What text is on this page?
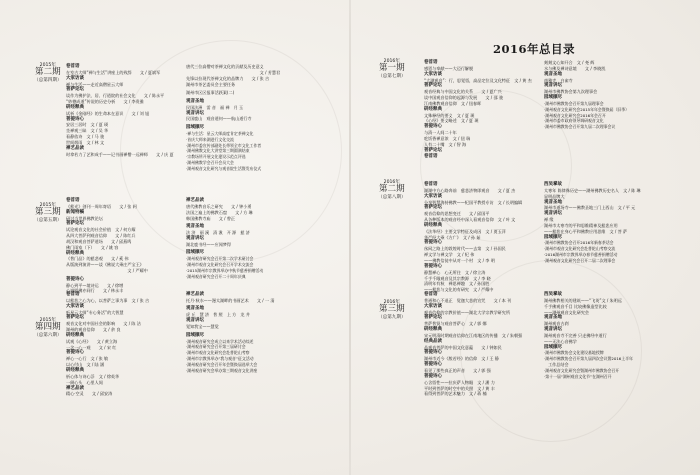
2016年总目录
2015年
第二期
（总第四期）
2015年
第三期
（总第五期）
2015年
第四期
（总第六期）
2016年
第一期
（总第七期）
2016年
第二期
（总第八期）
2016年
第三期
（总第九期）
卷首语
在室古大师“禅与生活”讲座上的致辞　　文 / 夏斌军
大家访谈
禅与生活——走近高僧星云大师
菩萨论坛
谈作为佛护法、居、行道院的社会文化　　文 / 陈永平
“妙德成道”传说的历史分析　　文 / 李贵雅
研经释典
试析《金刚经》的生命本在意识　　文 / 刘 旭
菩提诗心
安居三居时　文 / 夏 瑛
坐禅观三昧　文 / 吴 华
看静依诗　文 / 马 骏
世间烟雨　文 / 林 文
禅艺品读
时拿若力了艺和成手——记书画禅僧一远禅师　　文 / 庆 夏
唐代三位高僧对茶禅文化的贡献及历史意义
　　　　　　　　　　　　　　　　　　文 / 芳慧君
先锋以拉现代茶禅文化的品牌力　　文 / 张 吉
湖州市茶艺委员会主要任务
湖州市区区报事活跃案(二)
观音圣地
民国法洲　雷 音　福 禅　月 玉
观音讲坛
民国鹿山　观音道何——航山道行寺
园域撷尽
·禅与生活：星云大师高度肯定茶禅文化
·首庆大师来湖进行文化交流
·湖州市委宣传部副处长带领全市文化工作者
·湖州佛教文化大讲堂第三期圆满结束
·宗教场所开展文化建设示范点评选
·湖州佛教学会召开会员大会
·湖州观音文化研究与观音院生活暨发布仪式
卷首语
《慈光》创刊一周年寄语　　文 / 张 轲
新闻特稿
研讨当世界佛教论坛
菩萨论坛
试论观音文化的社会价值　文 / 何方耀
从四大菩萨到观音信仰　　文 / 陈红兵
胡汉和观音菩萨道场　　文 / 邱燕鸣
佛门雨家（下）　　文 / 姚 容
研经释典
《普门品》的慈悲观　　文 / 奚 伟
从版演到演讲——谈《佛说大乘庄严宝王》
　　　　　　　　　　　　　　　文 / 严耀中
菩提诗心
静心到平—境诗运　　文 / 徐增
心诚愿佛亦同行　　文 / 林永丰
禅艺品读
唐代佛教音乐之研究　　文 / 钟小勇
法国之遍上的佛教石窟　　文 / 方 琳
韩国佛教寺庙　　文 / 曾正
观音圣地
法 济　丽 溪　清 湫　开 源　慈 济
观音讲坛
湖北鹿书经——应闻梦得
园域撷尽
·湖州观音研究会召开第二次学术研讨会
·湖州市观音文化研究会召开学术交流会
·2015湖州市宗教界举办中秋节慈善捐赠活动
·湖州观音研究会召开二十周年庆典
卷首语
以慈悲之心为心，以菩萨之事为事　文 / 张 吉
大家访谈
听星云大师“专心务活”的大智慧
菩萨论坛
观音文化对中国社会的影响　　文 / 陈 洁
湖州的观音信仰　　文 / 余 良
研经释典
试观《心经》　　文 / 黄立海
一念一心一观　　文 / 宋 红
菩提诗心
禅心一心行　文 / 张 敏
以心付山　文 / 陆 涵
研经释典
析心体与诗心浮　文 / 徐英华
一阕心头　心里人间
禅艺品读
精心·空灵　　文 / 邱安涛
禅艺品读
托月·秋水——漫太湖畔的书画艺术　　文 / 一 清
观音圣地
虎 丘　慧 济　普 照　上 方　龙 井
观音讲坛
觉知我宝——慧觉
园域撷尽
·湖州观音研究会成立以来学术活动综述
·湖州观音研究会召开第三届研讨会
·湖州市观音文化研究会赴普陀山考察
·湖州市宗教界举办“我与观音”征文活动
·湖州观音研究会召开年会暨换届选举大会
·湖州观音研究会举办第三期观音文化讲座
卷首语
感恩与奉献——大迈行解脱
大家访谈
“大湖观音”：行，思觉悟，高品定位及文化特征　文 / 黄 杰
菩萨论坛
观音经典与中国文化的关系　　文 / 夏广兴
谈中国观音信仰的起源与发展　　文 / 邵 骏
江南佛教观音信仰　文 / 钮春晖
研经释典
文殊释经的要义　文 / 夏 瑛
《心经》要义略述　文 / 夏 瑛
菩提诗心
与清一人间二十年
吃饭香禅意浓　文 / 钮 瑞
人有二十嘴　文 / 智 海
菩萨论坛
卷首语
刻刻文心知开合　文 / 尧 辉
水与佛及禅诗意境　　文 / 李晓凯
观音圣地
南雅寺　白雀寺
观音讲坛
湖州市佛教协会第九次理事会
园域撷尽
·湖州市佛教协会召开第九届理事会
·湖州观音文化研究会2015年年会暨换届（旧季）
·湖州观音文化研究会2016年会召开
·湖州市委市政府领导调研观音文化
·湖州市佛教协会召开第九届二次理事会议
卷首语
湖湖中方心路奔前　慈悲济物即观音　　文 / 夏 杰
大家访谈
分享智慧海持佛教——纪国平教授专访　文 / 长明编辑
菩萨论坛
观音信仰的思想变迁　　文 / 邱国平
从各种版本的观音经中深入看观音信仰　文 / 叶 文
研经释典
《法华经》主要文学特征及成因　文 / 贾玉萍
华严经大乘《方广》　文 / 孙 茹
菩提诗心
丝网之路上的敦煌时代——去第　文 / 孙国民
禅文学与禅文学　文 / 纪 伟
——佛教信徒中从对一个村　文 / 李 明
菩提诗心
静慧禅心　心无所住　文 / 徐立涛
千手千眼观音及其宗教源　文 / 李 晓
清明年有秋　禅思禅趣　文 / 孙国胜
——慈悲与文化的有研究　文 / 严耀中
西吴掌故
太寒年 陈律殊历史——湖州佛教历史名人　文 / 陈 琳
显明品牌大
观音圣地
湖州市道场寺——佛教圣地三门上西山　文 / 平 元
观音讲坛
禅 缘
湖州市太寒寺的平和思维精神及慈悲应用
——慈悲在身心平和佛教应用思维　文 / 菩 萨
园域撷尽
·湖州市佛教协会召开2016年新春茶话会
·湖州市观音文化研究会赴普陀山考察交流
·2016湖州市宗教界举办春节慈善捐赠活动
·湖州观音文化研究会召开二届二次理事会
卷首语
普通和心不退正　觉迦大悲的宣咒　　文 / 本 刊
大家访谈
观音信仰的宗教价值——湖北大学宗教学研究所
菩萨论坛
菩萨普贤与观音菩萨心　文 / 郭 娜
研经释典
宋元明清时期观音信仰在江南地区的传播　文 / 朱朝强
经典品读
品观音菩萨的中国文化意蕴　　文 / 钟如民
菩提诗心
湖州市近今《般若经》的信仰　文 / 王 静
菩提诗心
看见了那些真正的声音　　文 / 郭 强
菩提诗心
心含悟性——拉庆萨人物眼　文 / 潘 力
平时到菩萨的时空中的关照　文 / 黄 丰
看得到菩萨的艺术魅力　文 / 蒋 楠
西吴掌故
湖州佛教相关的建筑——“飞英”文 / 朱明远
千手佛观音千目 比较佛像造型比较
——湖州观音文化研究会
观音圣地
湖州观音古刹
观音讲坛
湖州观音寺不完善 只走佛经中道行
——无法心音佛学
园域撷尽
·湖州市佛教协会文化建设基地授牌
·湖州市佛教协会召开第九届四次会议暨2016上半年
　工作总结会
·湖州观音文化研究会暨湖州市佛教协会召开
·第十一届“湖州观音文化节”在湖州召开
